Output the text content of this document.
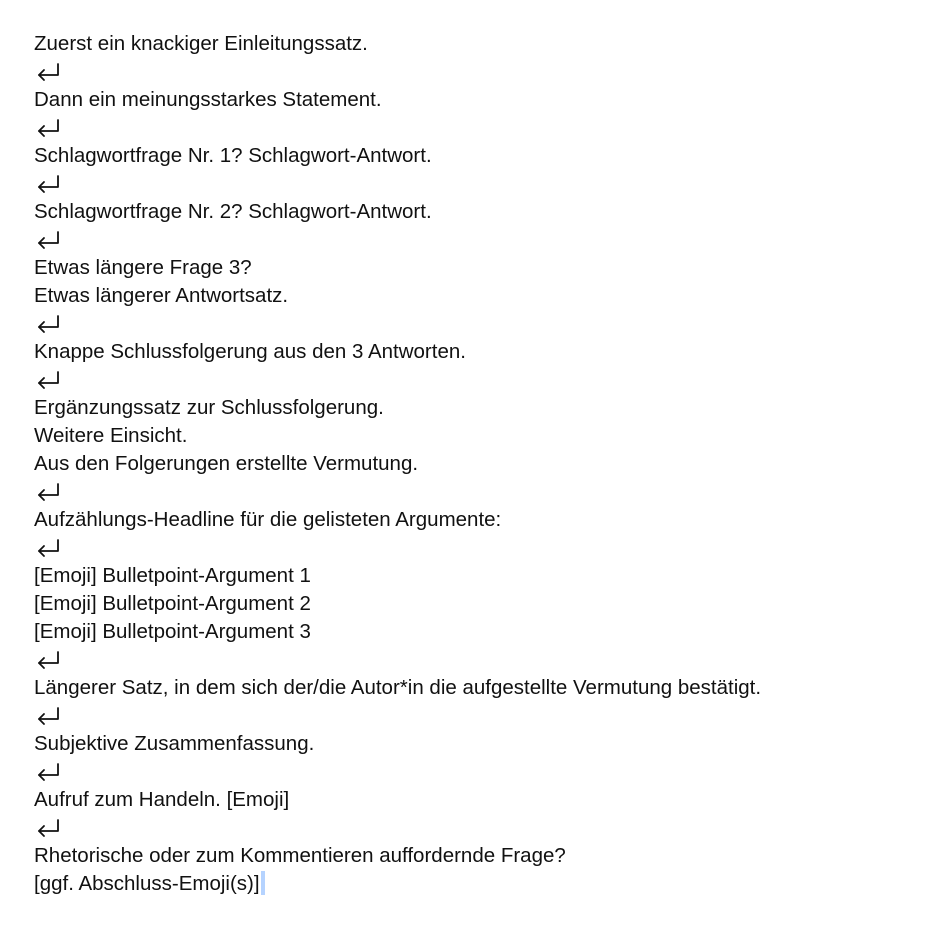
Zuerst ein knackiger Einleitungssatz.
Dann ein meinungsstarkes Statement.
Schlagwortfrage Nr. 1? Schlagwort-Antwort.
Schlagwortfrage Nr. 2? Schlagwort-Antwort.
Etwas längere Frage 3?
Etwas längerer Antwortsatz.
Knappe Schlussfolgerung aus den 3 Antworten.
Ergänzungssatz zur Schlussfolgerung.
Weitere Einsicht.
Aus den Folgerungen erstellte Vermutung.
Aufzählungs-Headline für die gelisteten Argumente:
[Emoji] Bulletpoint-Argument 1
[Emoji] Bulletpoint-Argument 2
[Emoji] Bulletpoint-Argument 3
Längerer Satz, in dem sich der/die Autor*in die aufgestellte Vermutung bestätigt.
Subjektive Zusammenfassung.
Aufruf zum Handeln. [Emoji]
Rhetorische oder zum Kommentieren auffordernde Frage?
[ggf. Abschluss-Emoji(s)]
